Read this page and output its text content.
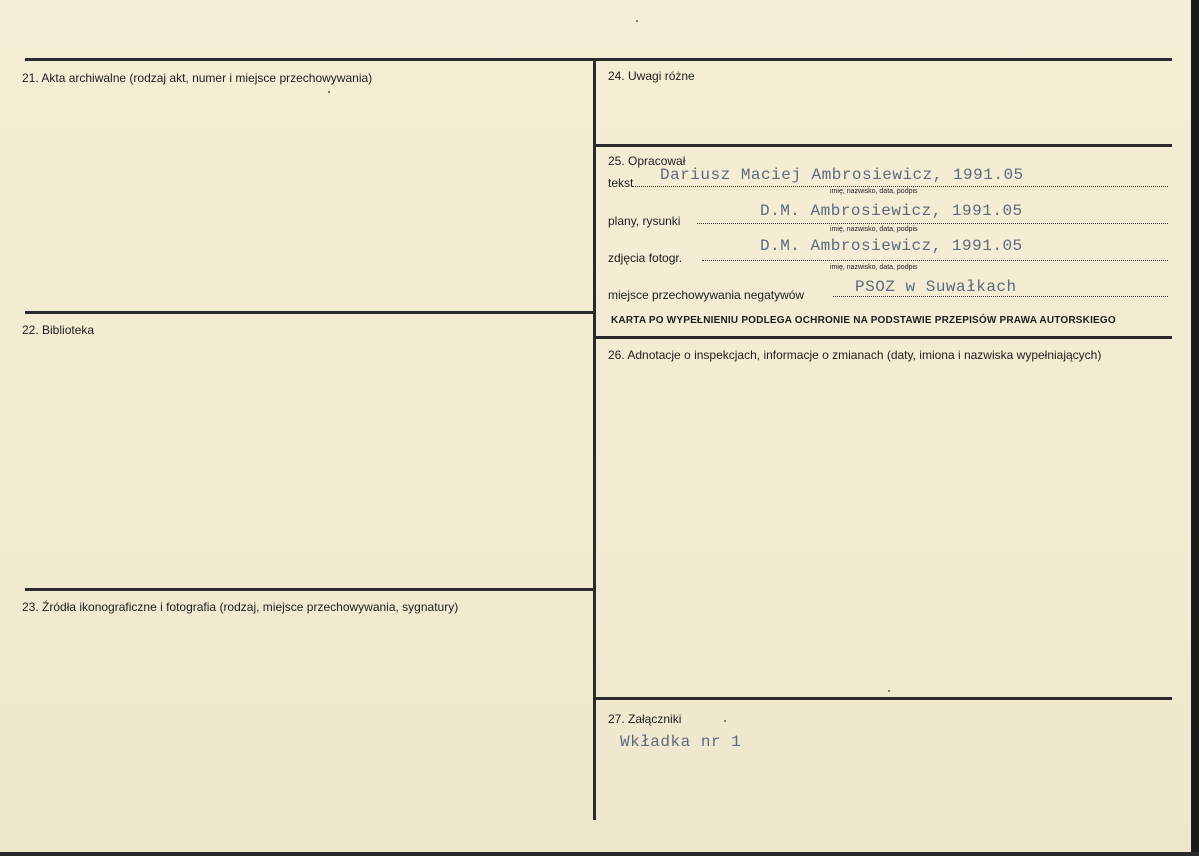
21. Akta archiwalne (rodzaj akt, numer i miejsce przechowywania)
22. Biblioteka
23. Źródła ikonograficzne i fotografia (rodzaj, miejsce przechowywania, sygnatury)
24. Uwagi różne
25. Opracował
tekst Dariusz Maciej Ambrosiewicz, 1991.05
imię, nazwisko, data, podpis
plany, rysunki
D.M. Ambrosiewicz, 1991.05
imię, nazwisko, data, podpis
zdjęcia fotogr.
D.M. Ambrosiewicz, 1991.05
imię, nazwisko, data, podpis
miejsce przechowywania negatywów	PSOZ w Suwałkach
KARTA PO WYPEŁNIENIU PODLEGA OCHRONIE NA PODSTAWIE PRZEPISÓW PRAWA AUTORSKIEGO
26. Adnotacje o inspekcjach, informacje o zmianach (daty, imiona i nazwiska wypełniających)
27. Załączniki
Wkładka nr 1
